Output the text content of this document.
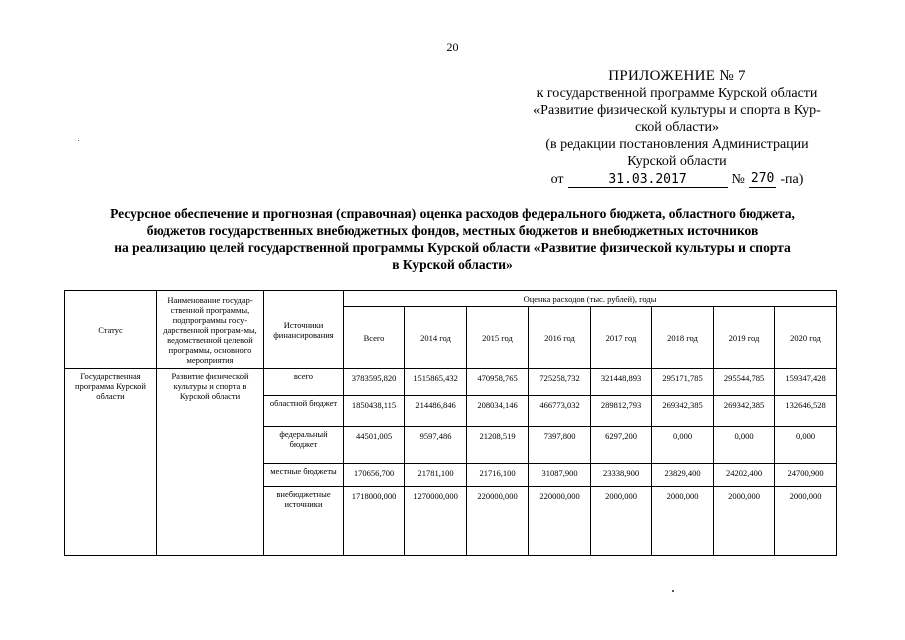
20
ПРИЛОЖЕНИЕ № 7
к государственной программе Курской области
«Развитие физической культуры и спорта в Кур-
ской области»
(в редакции постановления Администрации
Курской области
от	31.03.2017	№ 270 -па)
Ресурсное обеспечение и прогнозная (справочная) оценка расходов федерального бюджета, областного бюджета,
бюджетов государственных внебюджетных фондов, местных бюджетов и внебюджетных источников
на реализацию целей государственной программы Курской области «Развитие физической культуры и спорта
в Курской области»
Статус	Наименование государ-ственной программы, подпрограммы госу-дарственной програм-мы, ведомственной целевой программы, основного мероприятия	Источники финансирования	Оценка расходов (тыс. рублей), годы							
			Всего	2014 год	2015 год	2016 год	2017 год	2018 год	2019 год	2020 год
Государственная программа Курской области	Развитие физической культуры и спорта в Курской области	всего	3783595,820	1515865,432	470958,765	725258,732	321448,893	295171,785	295544,785	159347,428
		областной бюджет	1850438,115	214486,846	208034,146	466773,032	289812,793	269342,385	269342,385	132646,528
		федеральный бюджет	44501,005	9597,486	21208,519	7397,800	6297,200	0,000	0,000	0,000
		местные бюджеты	170656,700	21781,100	21716,100	31087,900	23338,900	23829,400	24202,400	24700,900
		внебюджетные источники	1718000,000	1270000,000	220000,000	220000,000	2000,000	2000,000	2000,000	2000,000
